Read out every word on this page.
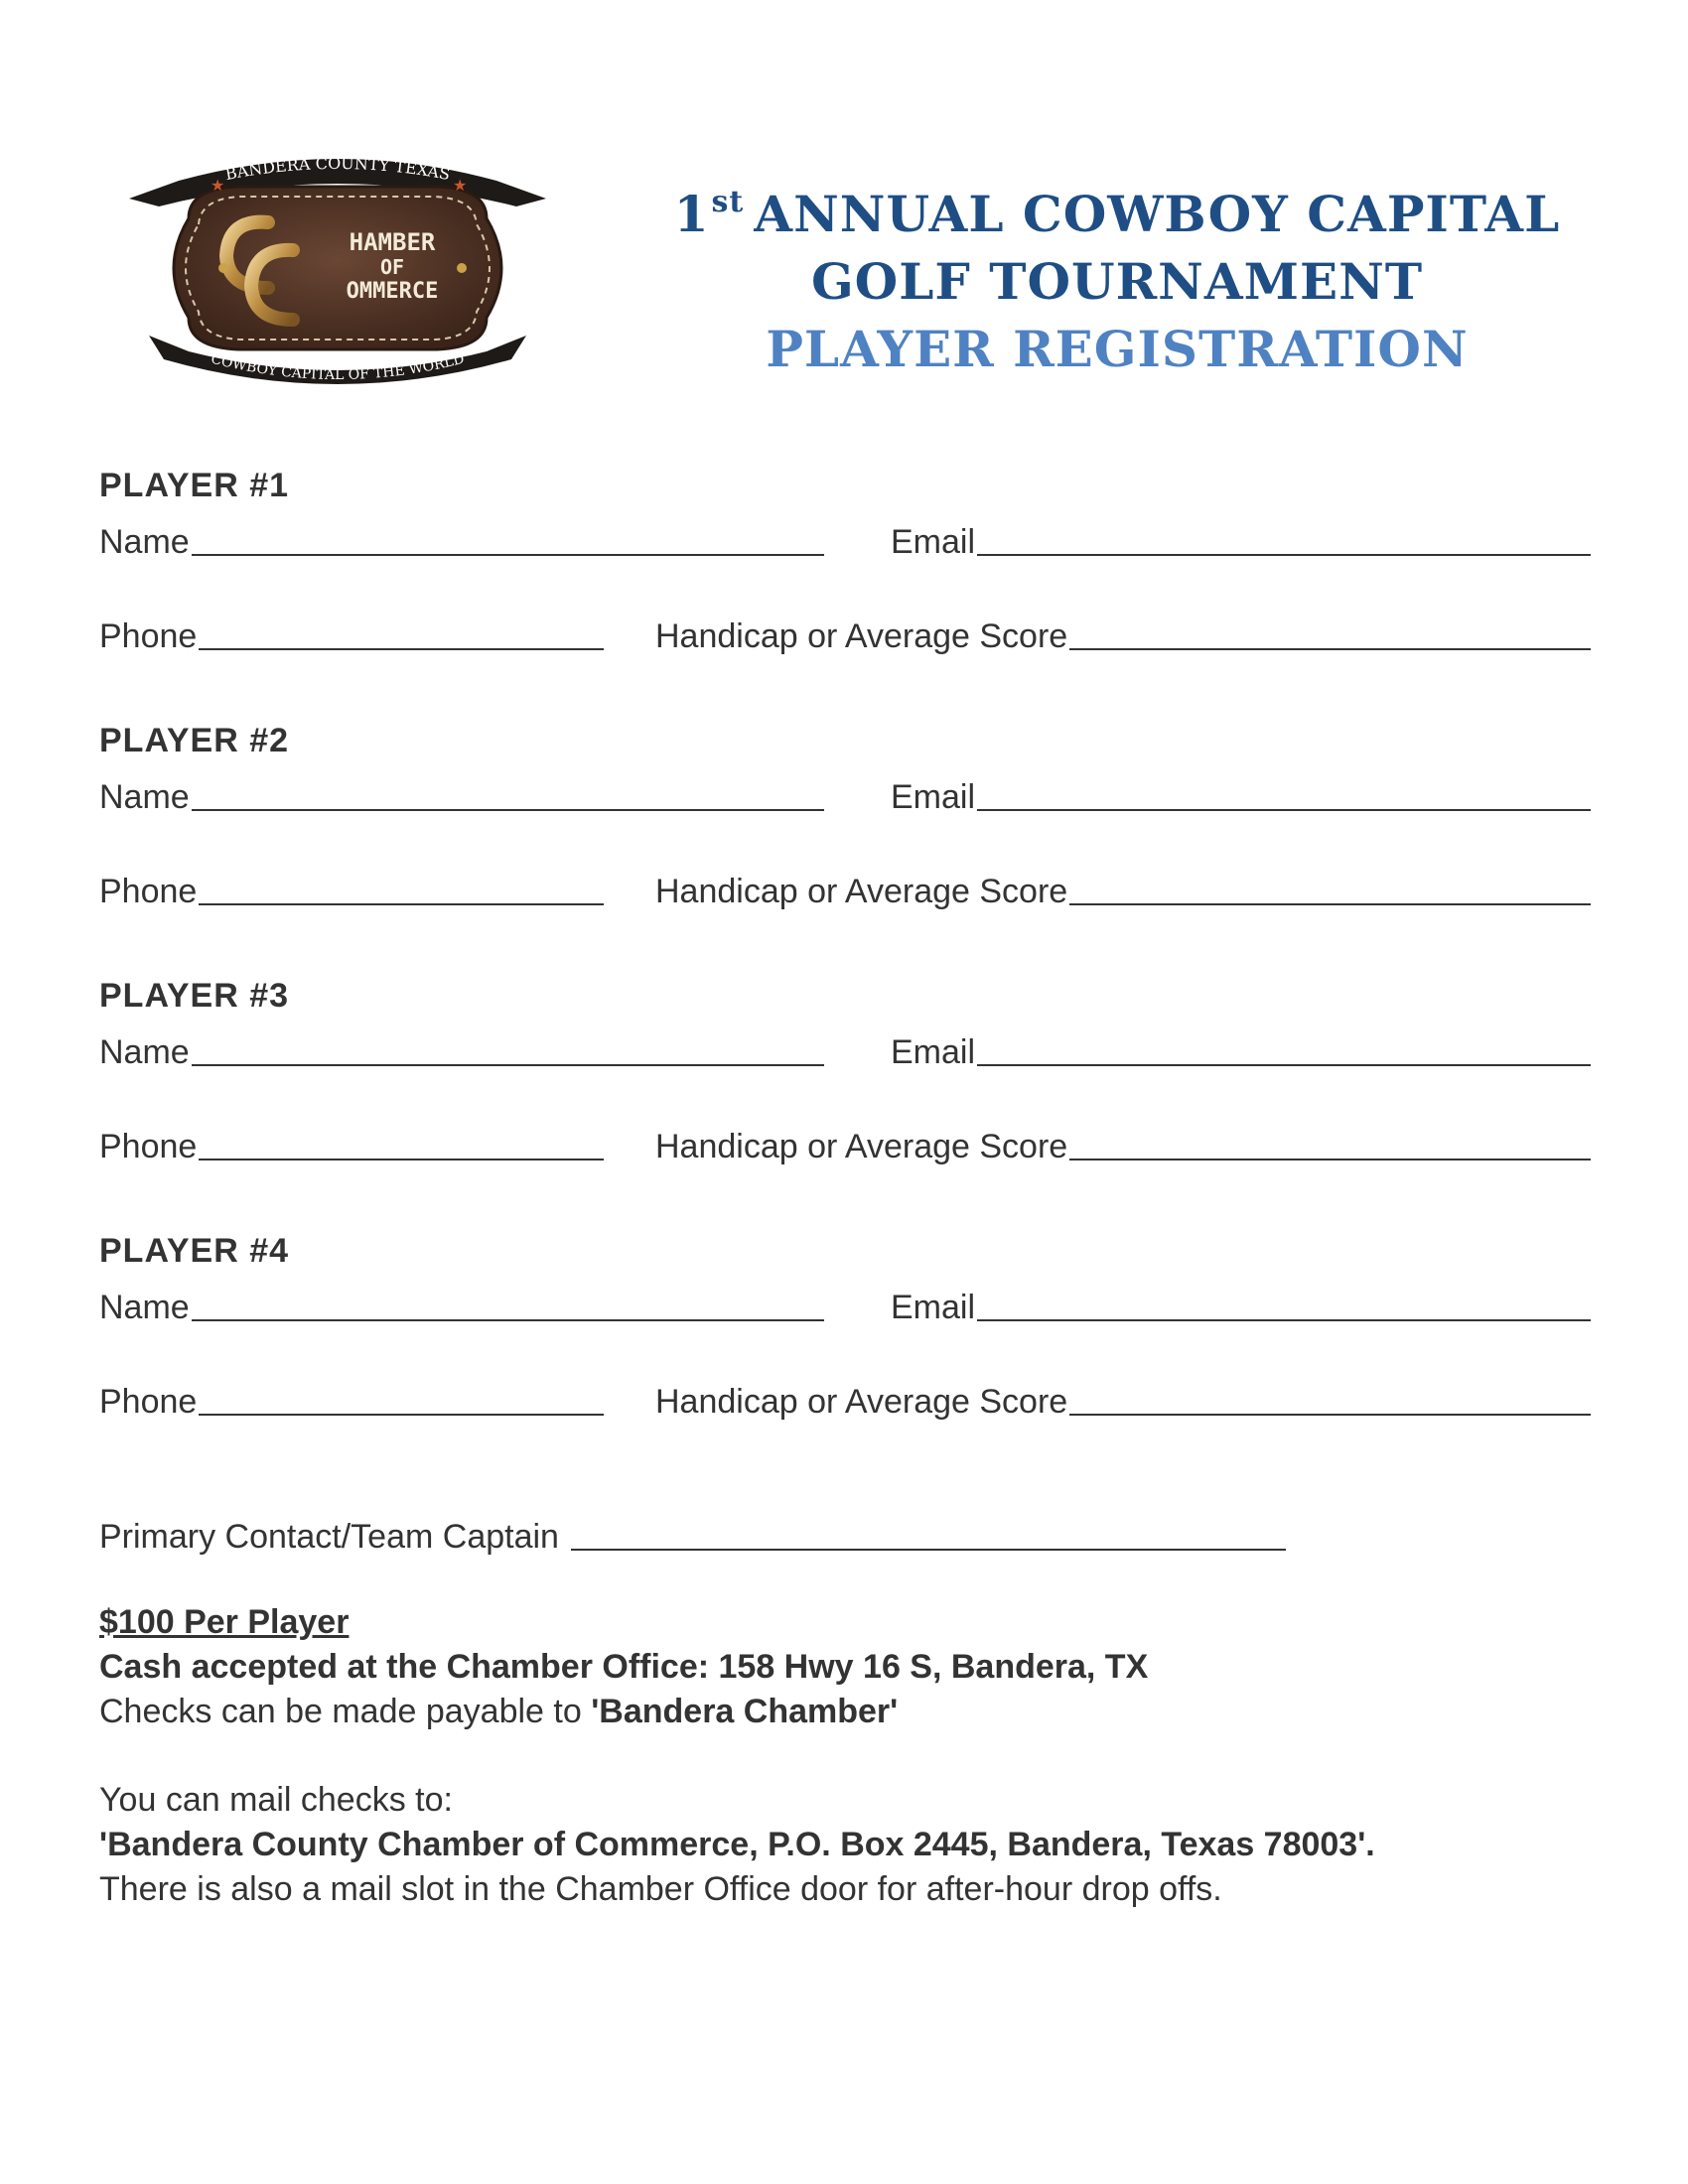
HAMBER
OF
OMMERCE
BANDERA COUNTY TEXAS
COWBOY CAPITAL OF THE WORLD
★	★	1st ANNUAL COWBOY CAPITAL
GOLF TOURNAMENT
PLAYER REGISTRATION
PLAYER #1
Name	Email
Phone	Handicap or Average Score
PLAYER #2
Name	Email
Phone	Handicap or Average Score
PLAYER #3
Name	Email
Phone	Handicap or Average Score
PLAYER #4
Name	Email
Phone	Handicap or Average Score
Primary Contact/Team Captain
$100 Per Player
Cash accepted at the Chamber Office: 158 Hwy 16 S, Bandera, TX
Checks can be made payable to 'Bandera Chamber'
You can mail checks to:
'Bandera County Chamber of Commerce, P.O. Box 2445, Bandera, Texas 78003'.
There is also a mail slot in the Chamber Office door for after-hour drop offs.
